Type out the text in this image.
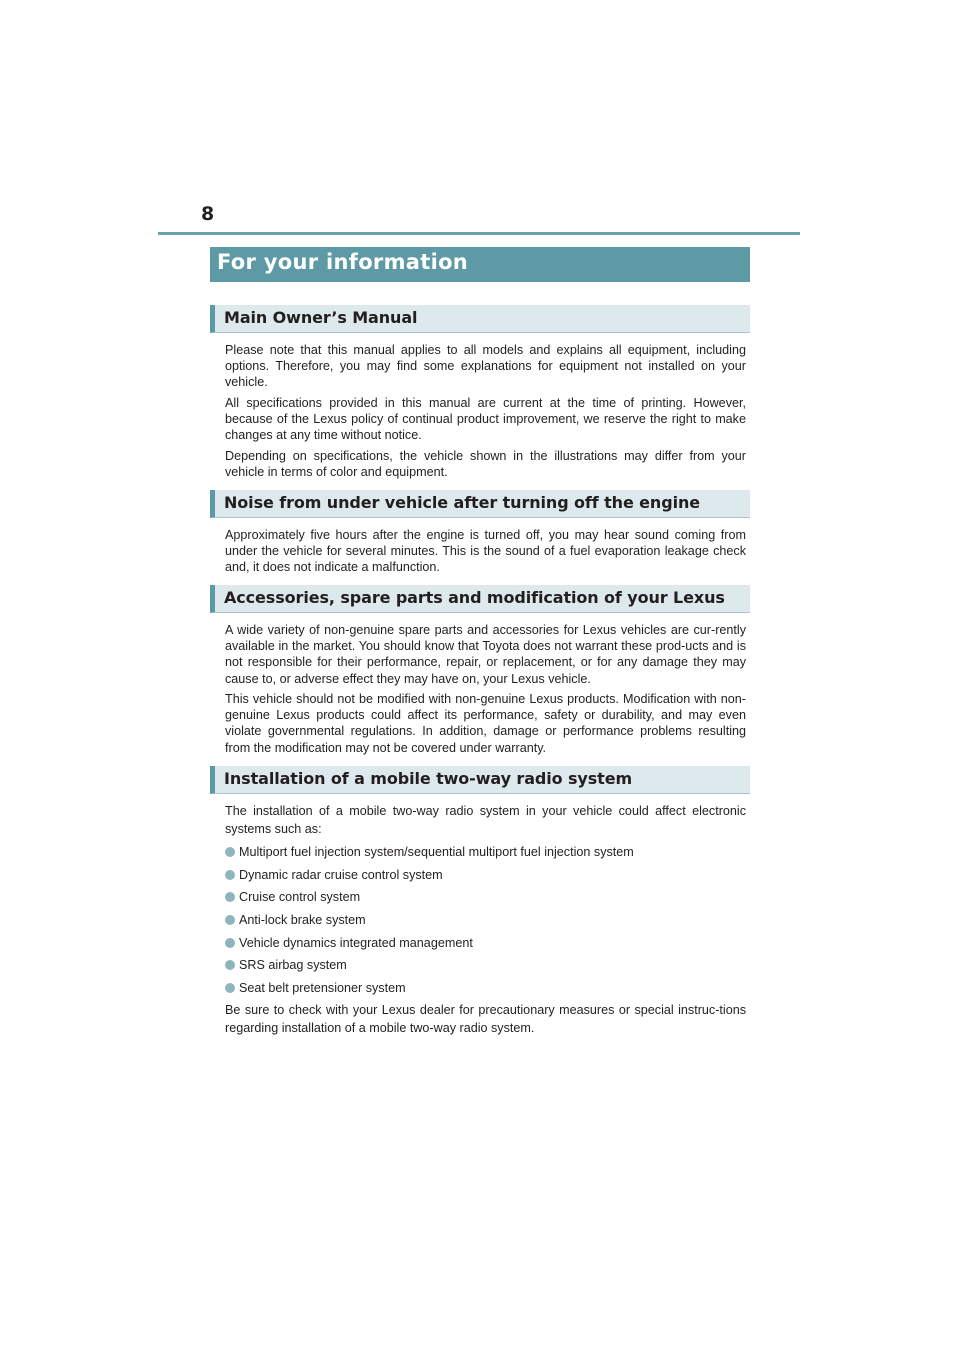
8
For your information
Main Owner’s Manual

Please note that this manual applies to all models and explains all equipment, including options. Therefore, you may find some explanations for equipment not installed on your vehicle.

All specifications provided in this manual are current at the time of printing. However, because of the Lexus policy of continual product improvement, we reserve the right to make changes at any time without notice.

Depending on specifications, the vehicle shown in the illustrations may differ from your vehicle in terms of color and equipment.

Noise from under vehicle after turning off the engine

Approximately five hours after the engine is turned off, you may hear sound coming from under the vehicle for several minutes. This is the sound of a fuel evaporation leakage check and, it does not indicate a malfunction.

Accessories, spare parts and modification of your Lexus

A wide variety of non-genuine spare parts and accessories for Lexus vehicles are cur-rently available in the market. You should know that Toyota does not warrant these prod-ucts and is not responsible for their performance, repair, or replacement, or for any damage they may cause to, or adverse effect they may have on, your Lexus vehicle.

This vehicle should not be modified with non-genuine Lexus products. Modification with non-genuine Lexus products could affect its performance, safety or durability, and may even violate governmental regulations. In addition, damage or performance problems resulting from the modification may not be covered under warranty.

Installation of a mobile two-way radio system

The installation of a mobile two-way radio system in your vehicle could affect electronic systems such as:

Multiport fuel injection system/sequential multiport fuel injection system
Dynamic radar cruise control system
Cruise control system
Anti-lock brake system
Vehicle dynamics integrated management
SRS airbag system
Seat belt pretensioner system

Be sure to check with your Lexus dealer for precautionary measures or special instruc-tions regarding installation of a mobile two-way radio system.
